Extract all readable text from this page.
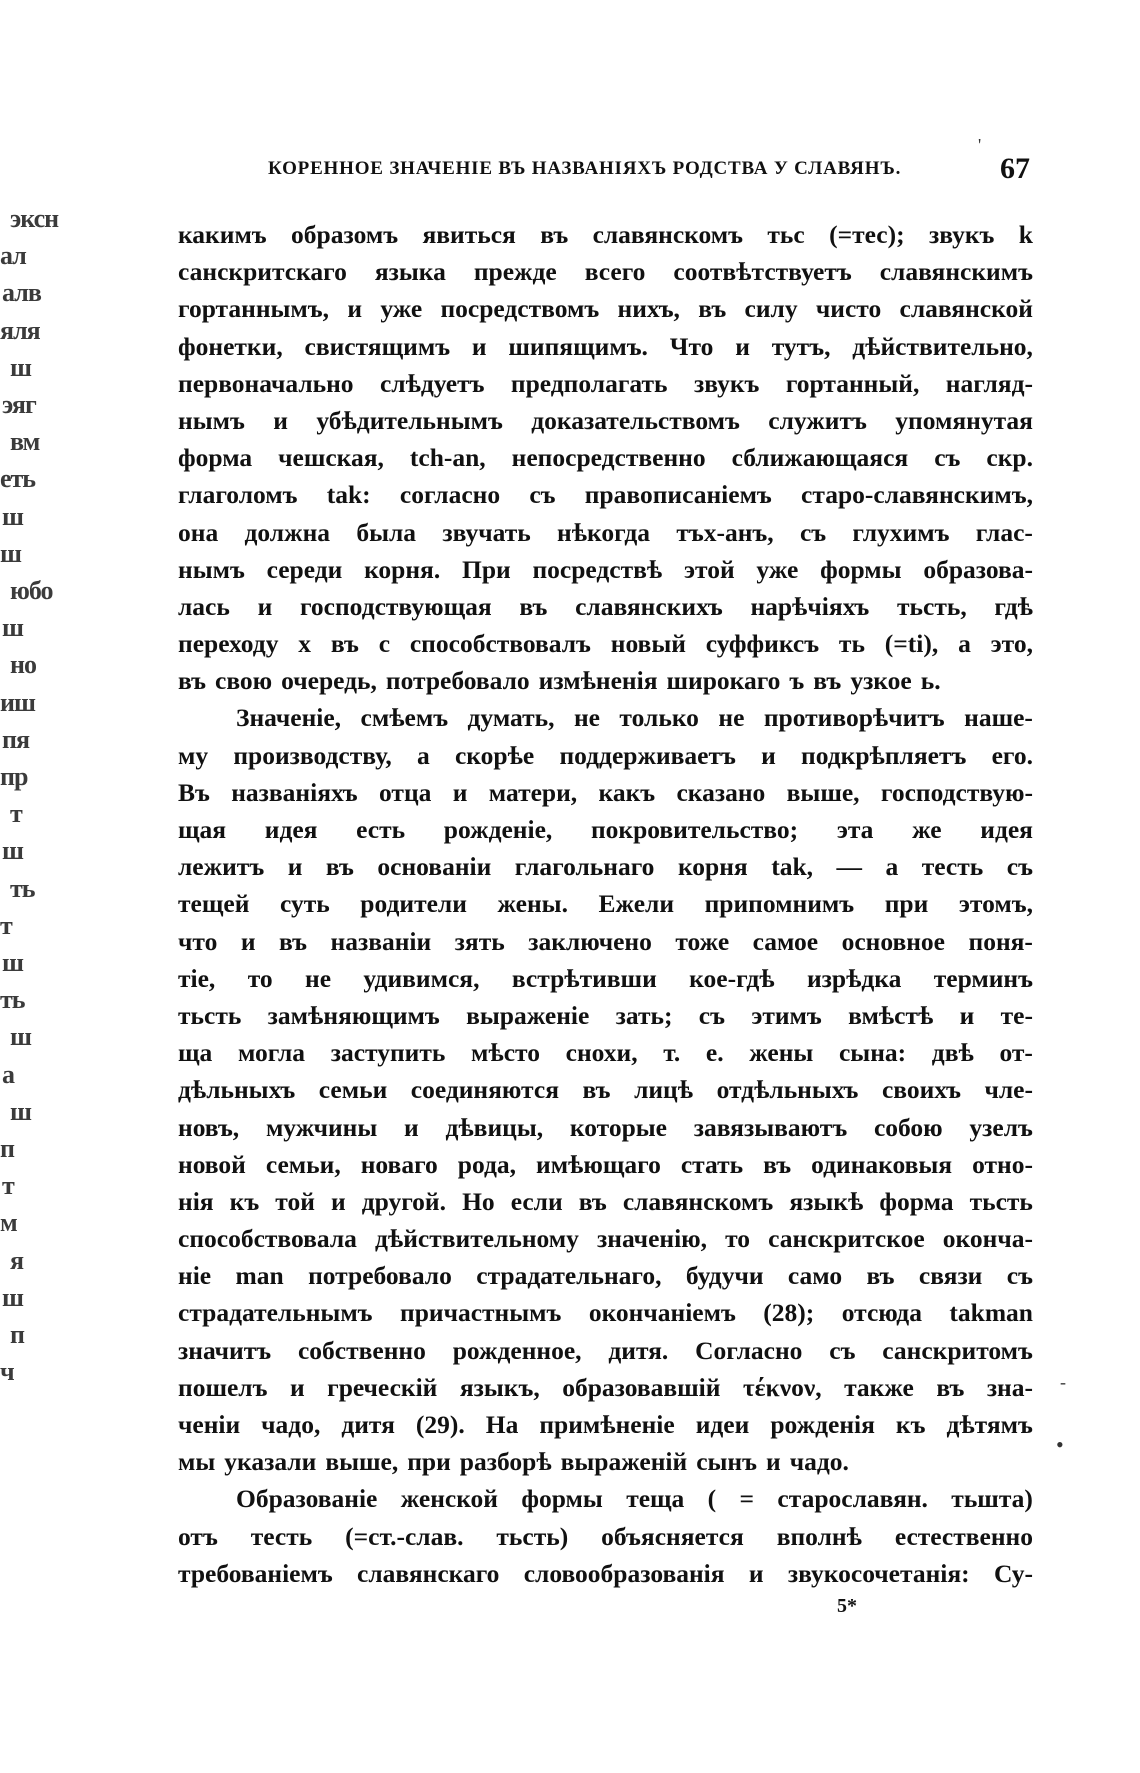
эксн
ал
алв
яля
ш
эяг
вм
еть
ш
ш
юбо
ш
но
иш
пя
пр
т
ш
ть
т
ш
ть
ш
а
ш
п
т
м
я
ш
п
ч
КОРЕННОЕ ЗНАЧЕНІЕ ВЪ НАЗВАНІЯХЪ РОДСТВА У СЛАВЯНЪ.	67
какимъ образомъ явиться въ славянскомъ тьс (=тес); звукъ k
санскритскаго языка прежде всего соотвѣтствуетъ славянскимъ
гортаннымъ, и уже посредствомъ нихъ, въ силу чисто славянской
фонетки, свистящимъ и шипящимъ. Что и тутъ, дѣйствительно,
первоначально слѣдуетъ предполагать звукъ гортанный, нагляд-
нымъ и убѣдительнымъ доказательствомъ служитъ упомянутая
форма чешская, tch-an, непосредственно сближающаяся съ скр.
глаголомъ tak: согласно съ правописаніемъ старо-славянскимъ,
она должна была звучать нѣкогда тъх-анъ, съ глухимъ глас-
нымъ середи корня. При посредствѣ этой уже формы образова-
лась и господствующая въ славянскихъ нарѣчіяхъ тьсть, гдѣ
переходу х въ с способствовалъ новый суффиксъ ть (=ti), а это,
въ свою очередь, потребовало измѣненія широкаго ъ въ узкое ь.
Значеніе, смѣемъ думать, не только не противорѣчитъ наше-
му производству, а скорѣе поддерживаетъ и подкрѣпляетъ его.
Въ названіяхъ отца и матери, какъ сказано выше, господствую-
щая идея есть рожденіе, покровительство; эта же идея
лежитъ и въ основаніи глагольнаго корня tak, — а тесть съ
тещей суть родители жены. Ежели припомнимъ при этомъ,
что и въ названіи зять заключено тоже самое основное поня-
тіе, то не удивимся, встрѣтивши кое-гдѣ изрѣдка терминъ
тьсть замѣняющимъ выраженіе зать; съ этимъ вмѣстѣ и те-
ща могла заступить мѣсто снохи, т. е. жены сына: двѣ от-
дѣльныхъ семьи соединяются въ лицѣ отдѣльныхъ своихъ чле-
новъ, мужчины и дѣвицы, которые завязываютъ собою узелъ
новой семьи, новаго рода, имѣющаго стать въ одинаковыя отно-
нія къ той и другой. Но если въ славянскомъ языкѣ форма тьсть
способствовала дѣйствительному значенію, то санскритское оконча-
ніе man потребовало страдательнаго, будучи само въ связи съ
страдательнымъ причастнымъ окончаніемъ (28); отсюда takman
значитъ собственно рожденное, дитя. Согласно съ санскритомъ
пошелъ и греческій языкъ, образовавшій τέκνον, также въ зна-
ченіи чадо, дитя (29). На примѣненіе идеи рожденія къ дѣтямъ
мы указали выше, при разборѣ выраженій сынъ и чадо.
Образованіе женской формы теща ( = старославян. тьшта)
отъ тесть (=ст.-слав. тьсть) объясняется вполнѣ естественно
требованіемъ славянскаго словообразованія и звукосочетанія: Су-
5*
'
-
•
